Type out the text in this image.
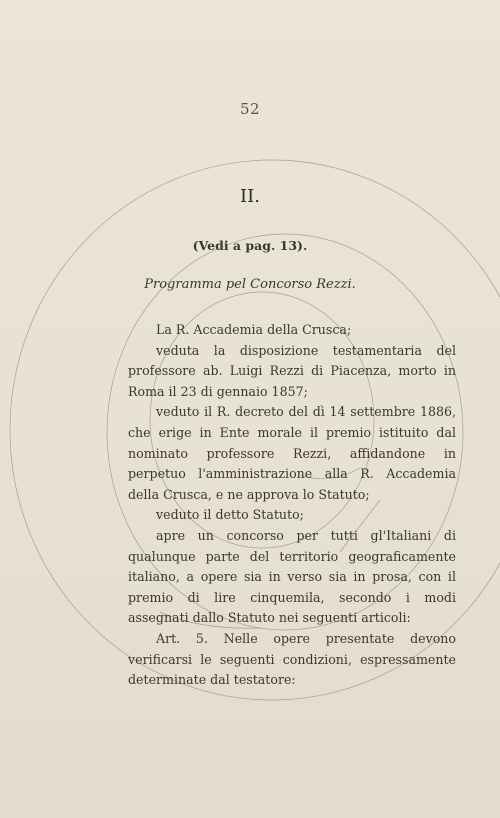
52
II.
(Vedi a pag. 13).
Programma pel Concorso Rezzi.

La R. Accademia della Crusca;

veduta la disposizione testamentaria del professore ab. Luigi Rezzi di Piacenza, morto in Roma il 23 di gennaio 1857;

veduto il R. decreto del dì 14 settembre 1886, che erige in Ente morale il premio istituito dal nominato professore Rezzi, affidandone in perpetuo l'amministrazione alla R. Accademia della Crusca, e ne approva lo Statuto;

veduto il detto Statuto;

apre un concorso per tutti gl'Italiani di qualunque parte del territorio geograficamente italiano, a opere sia in verso sia in prosa, con il premio di lire cinquemila, secondo i modi assegnati dallo Statuto nei seguenti articoli:

Art. 5. Nelle opere presentate devono verificarsi le seguenti condizioni, espressamente determinate dal testatore:
